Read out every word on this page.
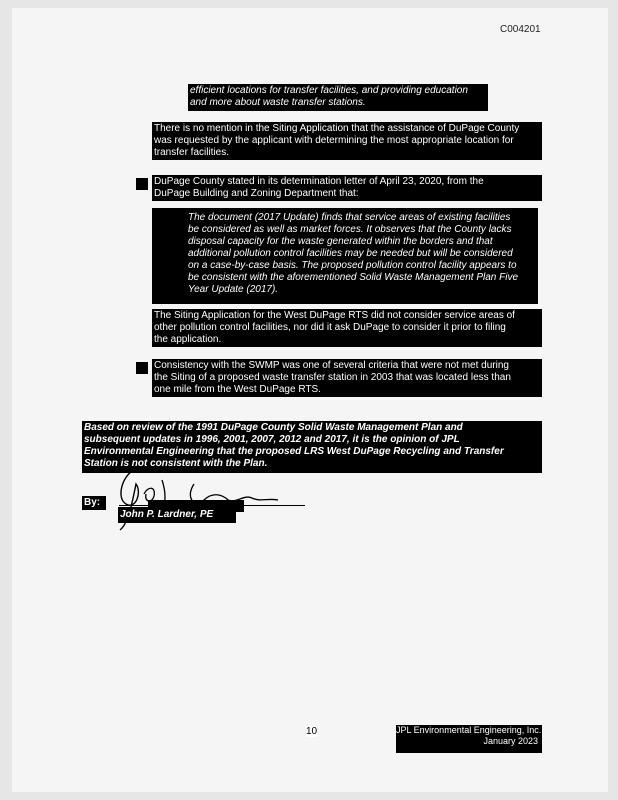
Electronic Filing: Received, Clerk's Office 04/18/2023	C004201
efficient locations for transfer facilities, and providing education
and more about waste transfer stations.
There is no mention in the Siting Application that the assistance of DuPage County
was requested by the applicant with determining the most appropriate location for
transfer facilities.
DuPage County stated in its determination letter of April 23, 2020, from the
DuPage Building and Zoning Department that:
The document (2017 Update) finds that service areas of existing facilities
be considered as well as market forces. It observes that the County lacks
disposal capacity for the waste generated within the borders and that
additional pollution control facilities may be needed but will be considered
on a case-by-case basis. The proposed pollution control facility appears to
be consistent with the aforementioned Solid Waste Management Plan Five
Year Update (2017).
The Siting Application for the West DuPage RTS did not consider service areas of
other pollution control facilities, nor did it ask DuPage to consider it prior to filing
the application.
Consistency with the SWMP was one of several criteria that were not met during
the Siting of a proposed waste transfer station in 2003 that was located less than
one mile from the West DuPage RTS.
Based on review of the 1991 DuPage County Solid Waste Management Plan and
subsequent updates in 1996, 2001, 2007, 2012 and 2017, it is the opinion of JPL
Environmental Engineering that the proposed LRS West DuPage Recycling and Transfer
Station is not consistent with the Plan.
By:
John P. Lardner, PE
10	JPL Environmental Engineering, Inc.
January 2023
